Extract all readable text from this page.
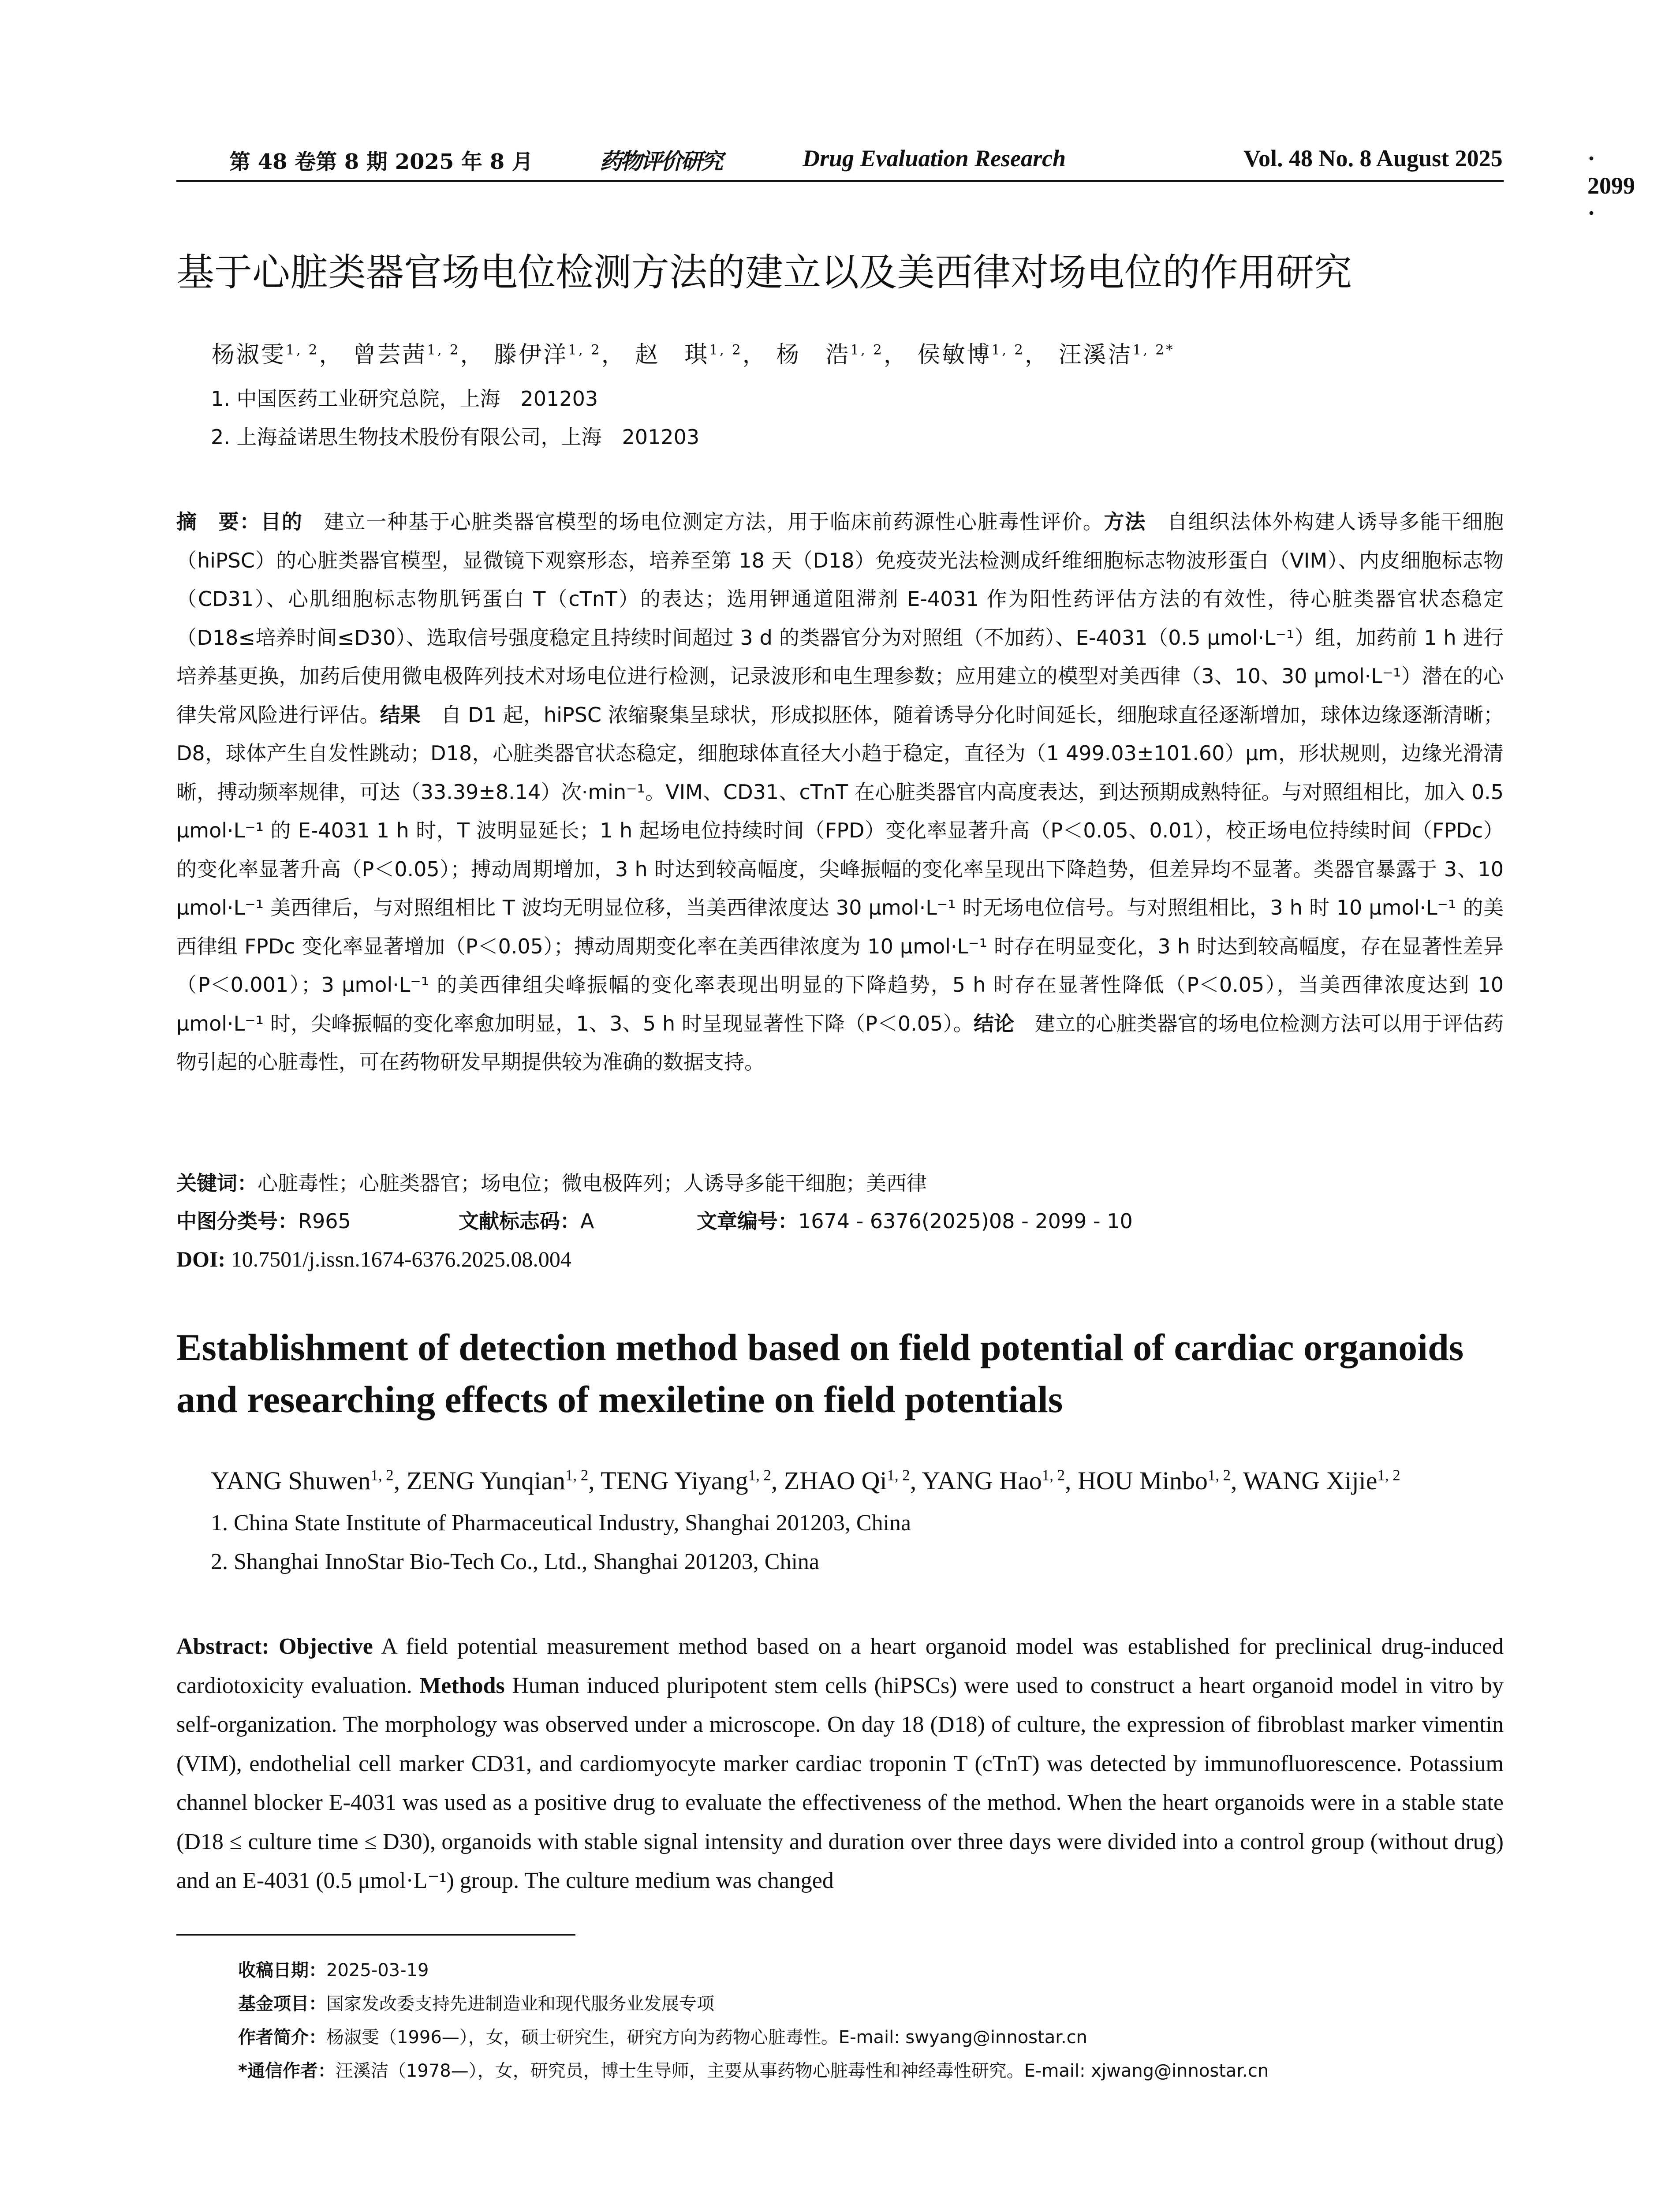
第 48 卷第 8 期 2025 年 8 月	药物评价研究	Drug Evaluation Research	Vol. 48 No. 8 August 2025	· 2099 ·
基于心脏类器官场电位检测方法的建立以及美西律对场电位的作用研究
杨淑雯$^{1, 2}$， 曾芸茜$^{1, 2}$， 滕伊洋$^{1, 2}$， 赵　琪$^{1, 2}$， 杨　浩$^{1, 2}$， 侯敏博$^{1, 2}$， 汪溪洁$^{1, 2*}$
1. 中国医药工业研究总院，上海　201203
2. 上海益诺思生物技术股份有限公司，上海　201203
摘　要：目的　建立一种基于心脏类器官模型的场电位测定方法，用于临床前药源性心脏毒性评价。方法　自组织法体外构建人诱导多能干细胞（hiPSC）的心脏类器官模型，显微镜下观察形态，培养至第 18 天（D18）免疫荧光法检测成纤维细胞标志物波形蛋白（VIM）、内皮细胞标志物（CD31）、心肌细胞标志物肌钙蛋白 T（cTnT）的表达；选用钾通道阻滞剂 E-4031 作为阳性药评估方法的有效性，待心脏类器官状态稳定（D18≤培养时间≤D30）、选取信号强度稳定且持续时间超过 3 d 的类器官分为对照组（不加药）、E-4031（0.5 μmol·L⁻¹）组，加药前 1 h 进行培养基更换，加药后使用微电极阵列技术对场电位进行检测，记录波形和电生理参数；应用建立的模型对美西律（3、10、30 μmol·L⁻¹）潜在的心律失常风险进行评估。结果　自 D1 起，hiPSC 浓缩聚集呈球状，形成拟胚体，随着诱导分化时间延长，细胞球直径逐渐增加，球体边缘逐渐清晰；D8，球体产生自发性跳动；D18，心脏类器官状态稳定，细胞球体直径大小趋于稳定，直径为（1 499.03±101.60）μm，形状规则，边缘光滑清晰，搏动频率规律，可达（33.39±8.14）次·min⁻¹。VIM、CD31、cTnT 在心脏类器官内高度表达，到达预期成熟特征。与对照组相比，加入 0.5 μmol·L⁻¹ 的 E-4031 1 h 时，T 波明显延长；1 h 起场电位持续时间（FPD）变化率显著升高（P＜0.05、0.01），校正场电位持续时间（FPDc）的变化率显著升高（P＜0.05）；搏动周期增加，3 h 时达到较高幅度，尖峰振幅的变化率呈现出下降趋势，但差异均不显著。类器官暴露于 3、10 μmol·L⁻¹ 美西律后，与对照组相比 T 波均无明显位移，当美西律浓度达 30 μmol·L⁻¹ 时无场电位信号。与对照组相比，3 h 时 10 μmol·L⁻¹ 的美西律组 FPDc 变化率显著增加（P＜0.05）；搏动周期变化率在美西律浓度为 10 μmol·L⁻¹ 时存在明显变化，3 h 时达到较高幅度，存在显著性差异（P＜0.001）；3 μmol·L⁻¹ 的美西律组尖峰振幅的变化率表现出明显的下降趋势，5 h 时存在显著性降低（P＜0.05），当美西律浓度达到 10 μmol·L⁻¹ 时，尖峰振幅的变化率愈加明显，1、3、5 h 时呈现显著性下降（P＜0.05）。结论　建立的心脏类器官的场电位检测方法可以用于评估药物引起的心脏毒性，可在药物研发早期提供较为准确的数据支持。
关键词：心脏毒性；心脏类器官；场电位；微电极阵列；人诱导多能干细胞；美西律
中图分类号：R965	文献标志码：A	文章编号：1674 - 6376(2025)08 - 2099 - 10
DOI: 10.7501/j.issn.1674-6376.2025.08.004
Establishment of detection method based on field potential of cardiac organoids and researching effects of mexiletine on field potentials
YANG Shuwen$^{1, 2}$, ZENG Yunqian$^{1, 2}$, TENG Yiyang$^{1, 2}$, ZHAO Qi$^{1, 2}$, YANG Hao$^{1, 2}$, HOU Minbo$^{1, 2}$, WANG Xijie$^{1, 2}$
1. China State Institute of Pharmaceutical Industry, Shanghai 201203, China
2. Shanghai InnoStar Bio-Tech Co., Ltd., Shanghai 201203, China
Abstract: Objective A field potential measurement method based on a heart organoid model was established for preclinical drug-induced cardiotoxicity evaluation. Methods Human induced pluripotent stem cells (hiPSCs) were used to construct a heart organoid model in vitro by self-organization. The morphology was observed under a microscope. On day 18 (D18) of culture, the expression of fibroblast marker vimentin (VIM), endothelial cell marker CD31, and cardiomyocyte marker cardiac troponin T (cTnT) was detected by immunofluorescence. Potassium channel blocker E-4031 was used as a positive drug to evaluate the effectiveness of the method. When the heart organoids were in a stable state (D18 ≤ culture time ≤ D30), organoids with stable signal intensity and duration over three days were divided into a control group (without drug) and an E-4031 (0.5 μmol·L⁻¹) group. The culture medium was changed
收稿日期：2025-03-19
基金项目：国家发改委支持先进制造业和现代服务业发展专项
作者简介：杨淑雯（1996—），女，硕士研究生，研究方向为药物心脏毒性。E-mail: swyang@innostar.cn
*通信作者：汪溪洁（1978—），女，研究员，博士生导师，主要从事药物心脏毒性和神经毒性研究。E-mail: xjwang@innostar.cn
